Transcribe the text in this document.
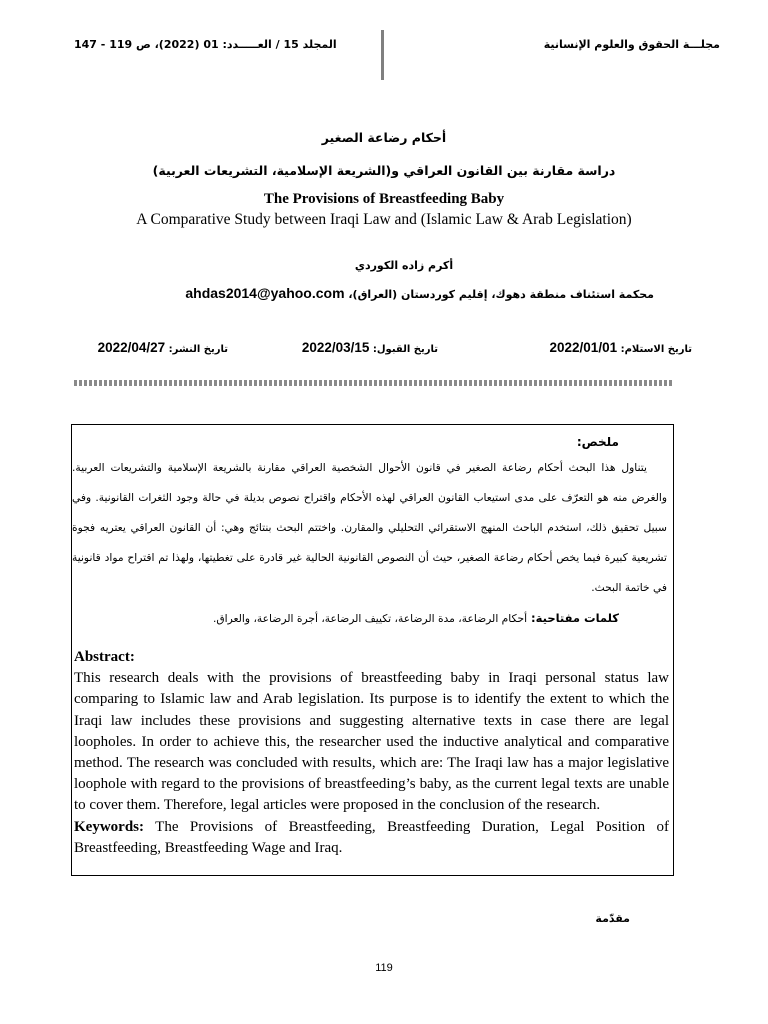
مجلـــة الحقوق والعلوم الإنسانية
المجلد 15 / العـــــدد: 01 (2022)، ص 119 - 147
أحكام رضاعة الصغير
دراسة مقارنة بين القانون العراقي و(الشريعة الإسلامية، التشريعات العربية)
The Provisions of Breastfeeding Baby
A Comparative Study between Iraqi Law and (Islamic Law & Arab Legislation)
أكرم زاده الكوردي
محكمة استئناف منطقة دهوك، إقليم كوردستان (العراق)، ahdas2014@yahoo.com
تاريخ الاستلام: 2022/01/01
تاريخ القبول: 2022/03/15
تاريخ النشر: 2022/04/27
ملخص:

يتناول هذا البحث أحكام رضاعة الصغير في قانون الأحوال الشخصية العراقي مقارنة بالشريعة الإسلامية والتشريعات العربية. والغرض منه هو التعرّف على مدى استيعاب القانون العراقي لهذه الأحكام واقتراح نصوص بديلة في حالة وجود الثغرات القانونية. وفي سبيل تحقيق ذلك، استخدم الباحث المنهج الاستقرائي التحليلي والمقارن. واختتم البحث بنتائج وهي: أن القانون العراقي يعتريه فجوة تشريعية كبيرة فيما يخص أحكام رضاعة الصغير، حيث أن النصوص القانونية الحالية غير قادرة على تغطيتها، ولهذا تم اقتراح مواد قانونية في خاتمة البحث.

كلمات مفتاحية: أحكام الرضاعة، مدة الرضاعة، تكييف الرضاعة، أجرة الرضاعة، والعراق.
Abstract:

This research deals with the provisions of breastfeeding baby in Iraqi personal status law comparing to Islamic law and Arab legislation. Its purpose is to identify the extent to which the Iraqi law includes these provisions and suggesting alternative texts in case there are legal loopholes. In order to achieve this, the researcher used the inductive analytical and comparative method. The research was concluded with results, which are: The Iraqi law has a major legislative loophole with regard to the provisions of breastfeeding’s baby, as the current legal texts are unable to cover them. Therefore, legal articles were proposed in the conclusion of the research.

Keywords: The Provisions of Breastfeeding, Breastfeeding Duration, Legal Position of Breastfeeding, Breastfeeding Wage and Iraq.

مقدّمة
119
